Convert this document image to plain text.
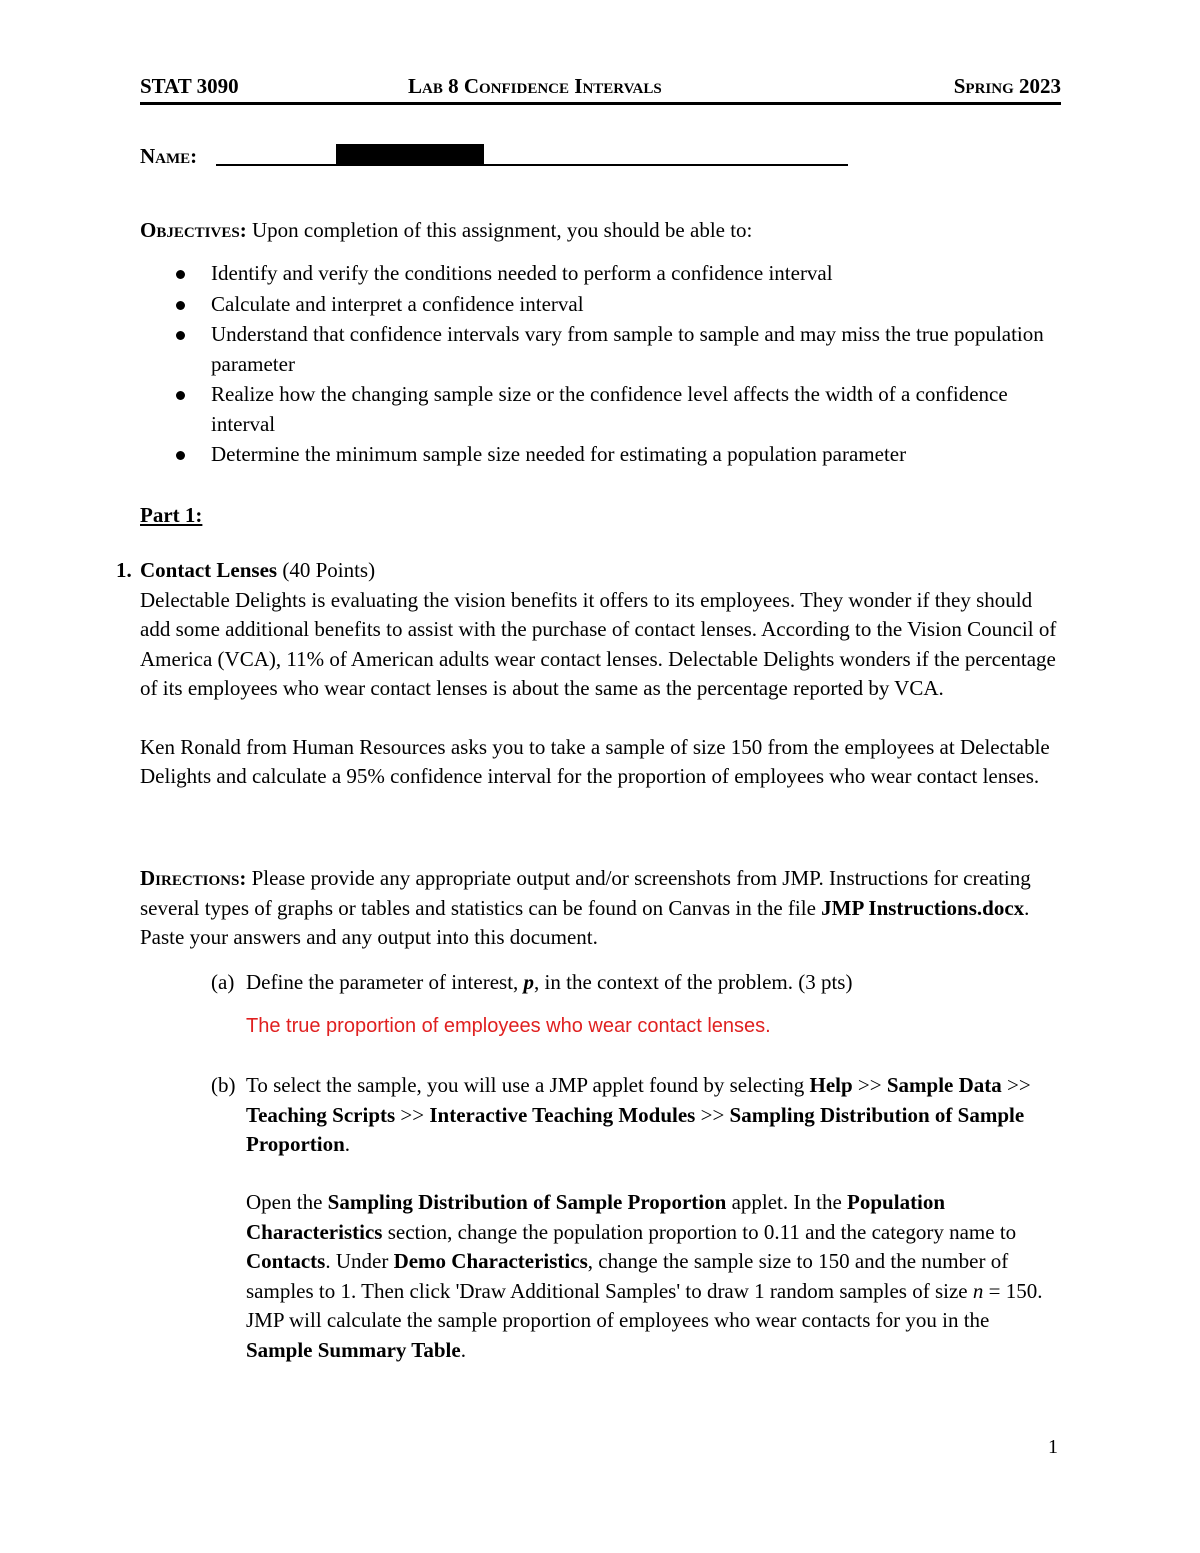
STAT 3090	Lab 8 Confidence Intervals	Spring 2023
Name:
Objectives: Upon completion of this assignment, you should be able to:
Identify and verify the conditions needed to perform a confidence interval
Calculate and interpret a confidence interval
Understand that confidence intervals vary from sample to sample and may miss the true population parameter
Realize how the changing sample size or the confidence level affects the width of a confidence interval
Determine the minimum sample size needed for estimating a population parameter
Part 1:
1. Contact Lenses (40 Points)
Delectable Delights is evaluating the vision benefits it offers to its employees. They wonder if they should add some additional benefits to assist with the purchase of contact lenses. According to the Vision Council of America (VCA), 11% of American adults wear contact lenses. Delectable Delights wonders if the percentage of its employees who wear contact lenses is about the same as the percentage reported by VCA.
Ken Ronald from Human Resources asks you to take a sample of size 150 from the employees at Delectable Delights and calculate a 95% confidence interval for the proportion of employees who wear contact lenses.
Directions: Please provide any appropriate output and/or screenshots from JMP. Instructions for creating several types of graphs or tables and statistics can be found on Canvas in the file JMP Instructions.docx. Paste your answers and any output into this document.
(a) Define the parameter of interest, p, in the context of the problem. (3 pts)
The true proportion of employees who wear contact lenses.
(b) To select the sample, you will use a JMP applet found by selecting Help >> Sample Data >> Teaching Scripts >> Interactive Teaching Modules >> Sampling Distribution of Sample Proportion.
Open the Sampling Distribution of Sample Proportion applet. In the Population Characteristics section, change the population proportion to 0.11 and the category name to Contacts. Under Demo Characteristics, change the sample size to 150 and the number of samples to 1. Then click 'Draw Additional Samples' to draw 1 random samples of size n = 150. JMP will calculate the sample proportion of employees who wear contacts for you in the Sample Summary Table.
1
